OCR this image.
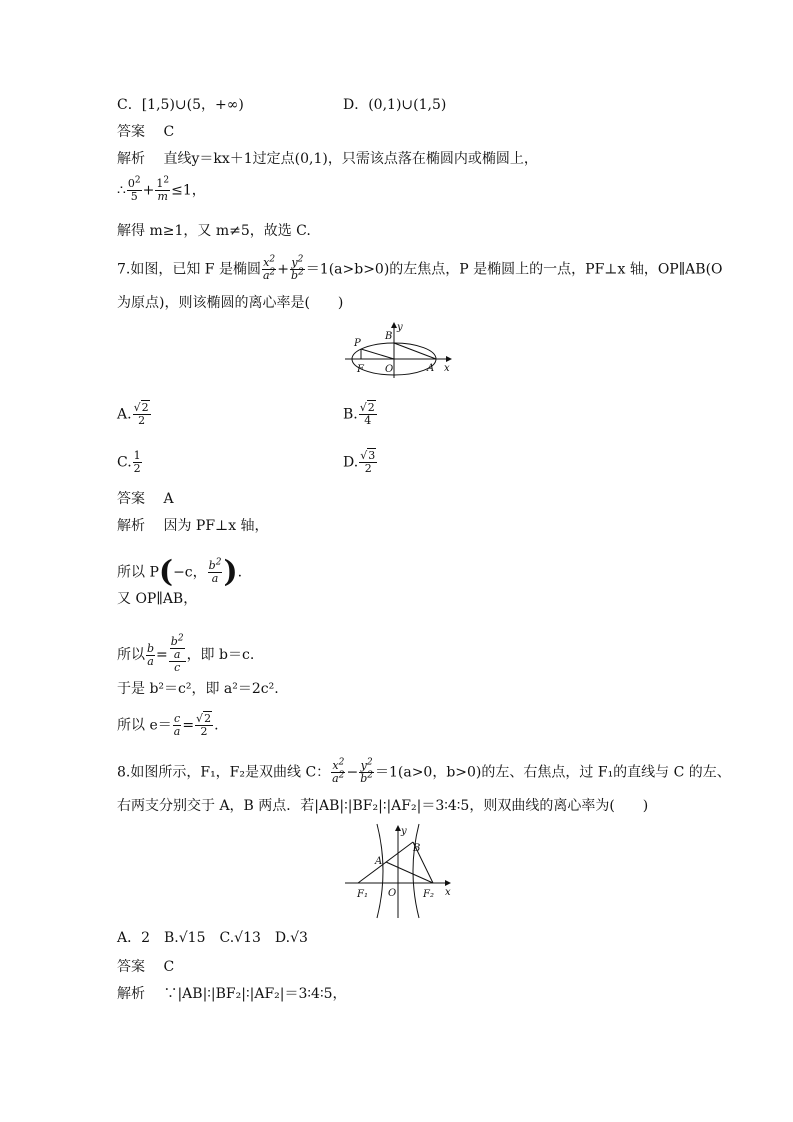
C．[1,5)∪(5，+∞)	D．(0,1)∪(1,5)
答案　 C
解析　 直线y＝kx＋1过定点(0,1)，只需该点落在椭圆内或椭圆上，
∴ $\frac{0^2}{5} + \frac{1^2}{m} \le 1$，
解得 m≥1，又 m≠5，故选 C.
7.如图，已知 F 是椭圆 $\frac{x^2}{a^2} + \frac{y^2}{b^2} =1(a>b>0)$的左焦点，P 是椭圆上的一点，PF⊥x 轴，OP∥AB(O
为原点)，则该椭圆的离心率是(　　)
P
B
y
F O	A x
A. $\frac{√2}{2}$	B. $\frac{√2}{4}$
C. $\frac{1}{2}$	D. $\frac{√3}{2}$
答案　 A
解析　 因为 PF⊥x 轴，
所以 P(−c， $\frac{b^2}{a}$ ).
又 OP∥AB，
所以 $\frac{b}{a} = \frac{\frac{b^2}{a}}{c}$ ，即 b＝c.
于是 b²＝c²，即 a²＝2c².
所以 $e= \frac{c}{a} = \frac{√2}{2}$ .
8.如图所示，F₁，F₂是双曲线 C： $\frac{x^2}{a^2} - \frac{y^2}{b^2} =1(a>0$，b>0)的左、右焦点，过 F₁的直线与 C 的左、
右两支分别交于 A，B 两点．若|AB|∶|BF₂|∶|AF₂|＝3∶4∶5，则双曲线的离心率为(　　)
y
B
A
F₁ O	F₂ x
A．2　B.√15　C.√13　D.√3
答案　 C
解析　 ∵|AB|∶|BF₂|∶|AF₂|＝3∶4∶5，
